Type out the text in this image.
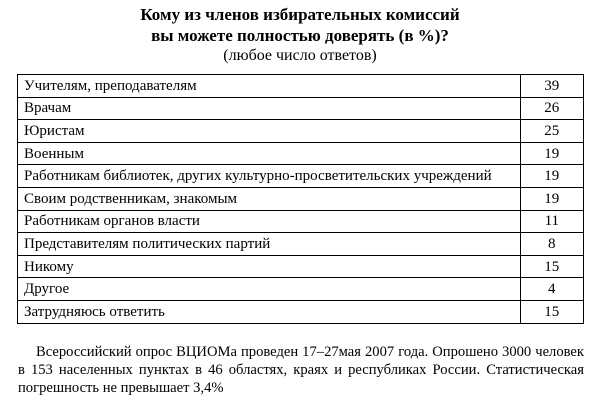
Кому из членов избирательных комиссий

вы можете полностью доверять (в %)?

(любое число ответов)

Учителям, преподавателям	39
Врачам	26
Юристам	25
Военным	19
Работникам библиотек, других культурно-просветительских учреждений	19
Своим родственникам, знакомым	19
Работникам органов власти	11
Представителям политических партий	8
Никому	15
Другое	4
Затрудняюсь ответить	15

Всероссийский опрос ВЦИОМа проведен 17–27мая 2007 года. Опрошено 3000 человек в 153 населенных пунктах в 46 областях, краях и республиках России. Статистическая погрешность не превышает 3,4%
